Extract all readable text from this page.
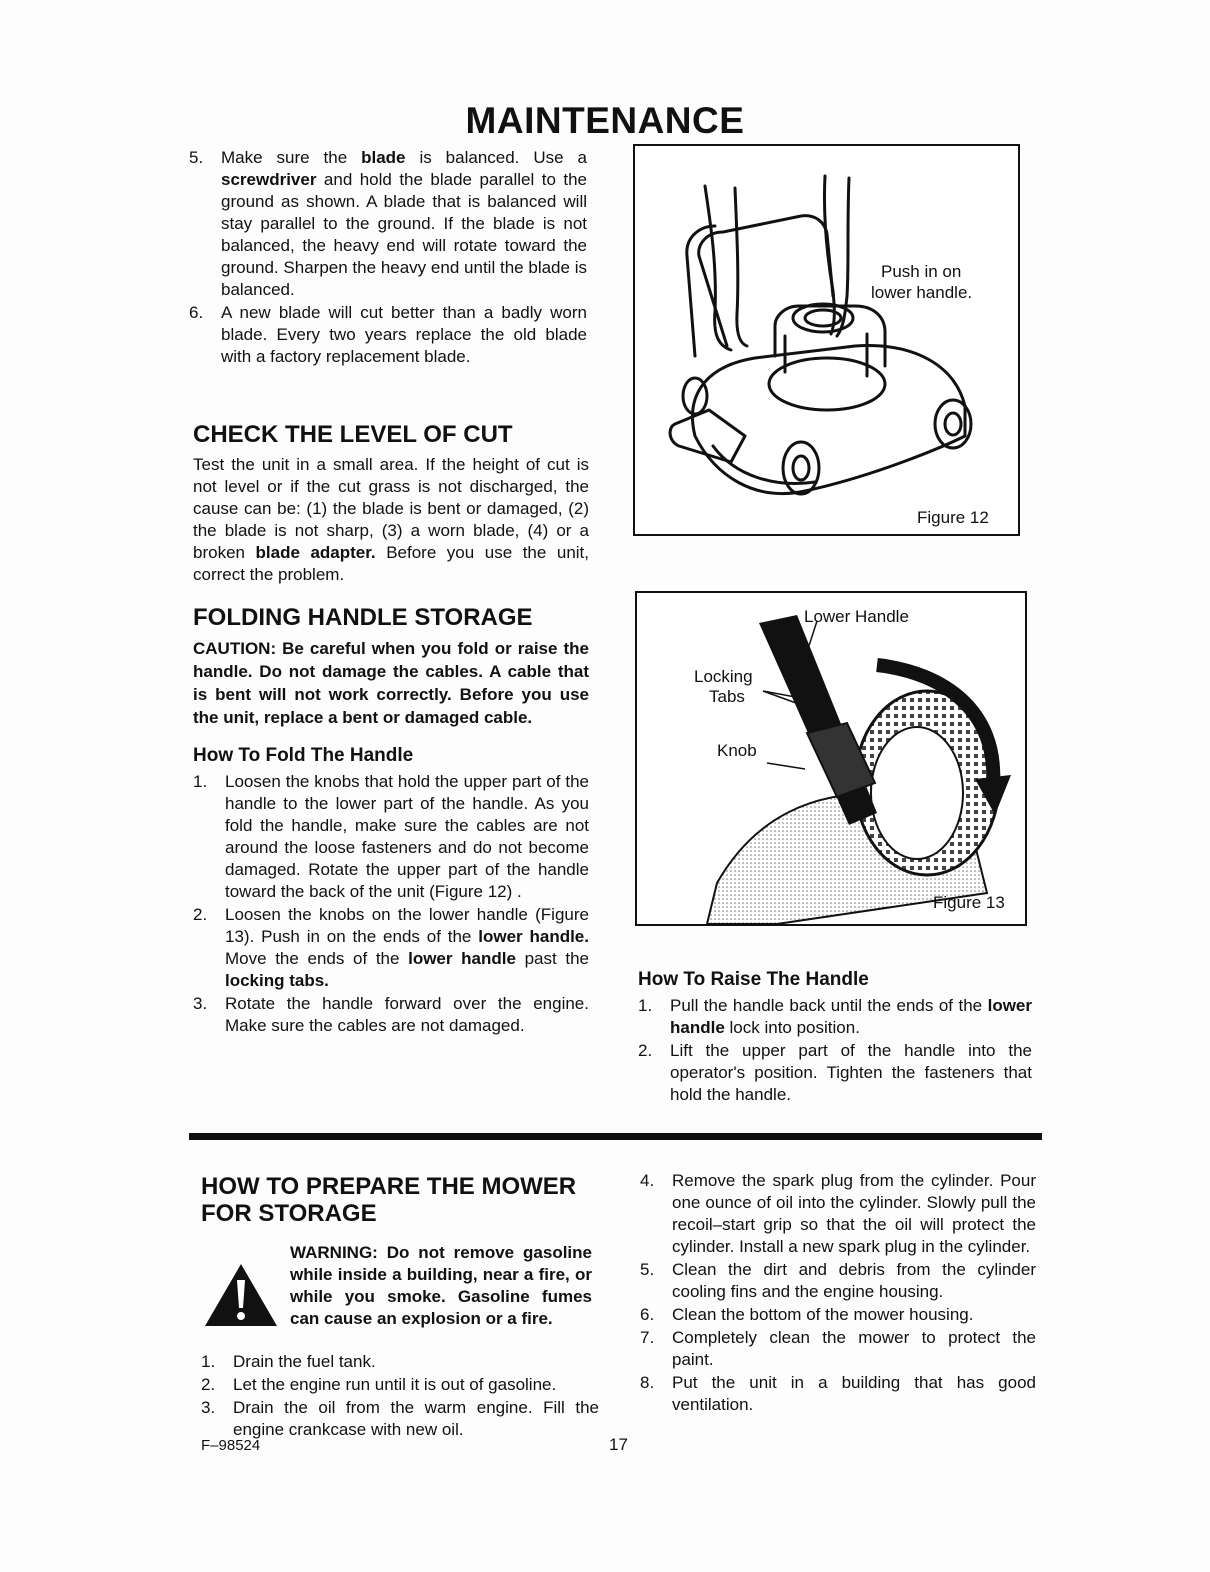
MAINTENANCE
5.	Make sure the blade is balanced. Use a screwdriver and hold the blade parallel to the ground as shown. A blade that is balanced will stay parallel to the ground. If the blade is not balanced, the heavy end will rotate toward the ground. Sharpen the heavy end until the blade is balanced.
6.	A new blade will cut better than a badly worn blade. Every two years replace the old blade with a factory replacement blade.
CHECK THE LEVEL OF CUT

Test the unit in a small area. If the height of cut is not level or if the cut grass is not discharged, the cause can be: (1) the blade is bent or damaged, (2) the blade is not sharp, (3) a worn blade, (4) or a broken blade adapter. Before you use the unit, correct the problem.

FOLDING HANDLE STORAGE
CAUTION: Be careful when you fold or raise the handle. Do not damage the cables. A cable that is bent will not work correctly. Before you use the unit, replace a bent or damaged cable.
How To Fold The Handle
1.	Loosen the knobs that hold the upper part of the handle to the lower part of the handle. As you fold the handle, make sure the cables are not around the loose fasteners and do not become damaged. Rotate the upper part of the handle toward the back of the unit (Figure 12) .
2.	Loosen the knobs on the lower handle (Figure 13). Push in on the ends of the lower handle. Move the ends of the lower handle past the locking tabs.
3.	Rotate the handle forward over the engine. Make sure the cables are not damaged.
Push in on
lower handle.
Figure 12
Lower Handle
Locking
Tabs
Knob
Figure 13
How To Raise The Handle
1.	Pull the handle back until the ends of the lower handle lock into position.
2.	Lift the upper part of the handle into the operator's position. Tighten the fasteners that hold the handle.
HOW TO PREPARE THE MOWER
FOR STORAGE
WARNING: Do not remove gasoline while inside a building, near a fire, or while you smoke. Gasoline fumes can cause an explosion or a fire.
1.	Drain the fuel tank.
2.	Let the engine run until it is out of gasoline.
3.	Drain the oil from the warm engine. Fill the engine crankcase with new oil.
4.	Remove the spark plug from the cylinder. Pour one ounce of oil into the cylinder. Slowly pull the recoil–start grip so that the oil will protect the cylinder. Install a new spark plug in the cylinder.
5.	Clean the dirt and debris from the cylinder cooling fins and the engine housing.
6.	Clean the bottom of the mower housing.
7.	Completely clean the mower to protect the paint.
8.	Put the unit in a building that has good ventilation.
F–98524	17
